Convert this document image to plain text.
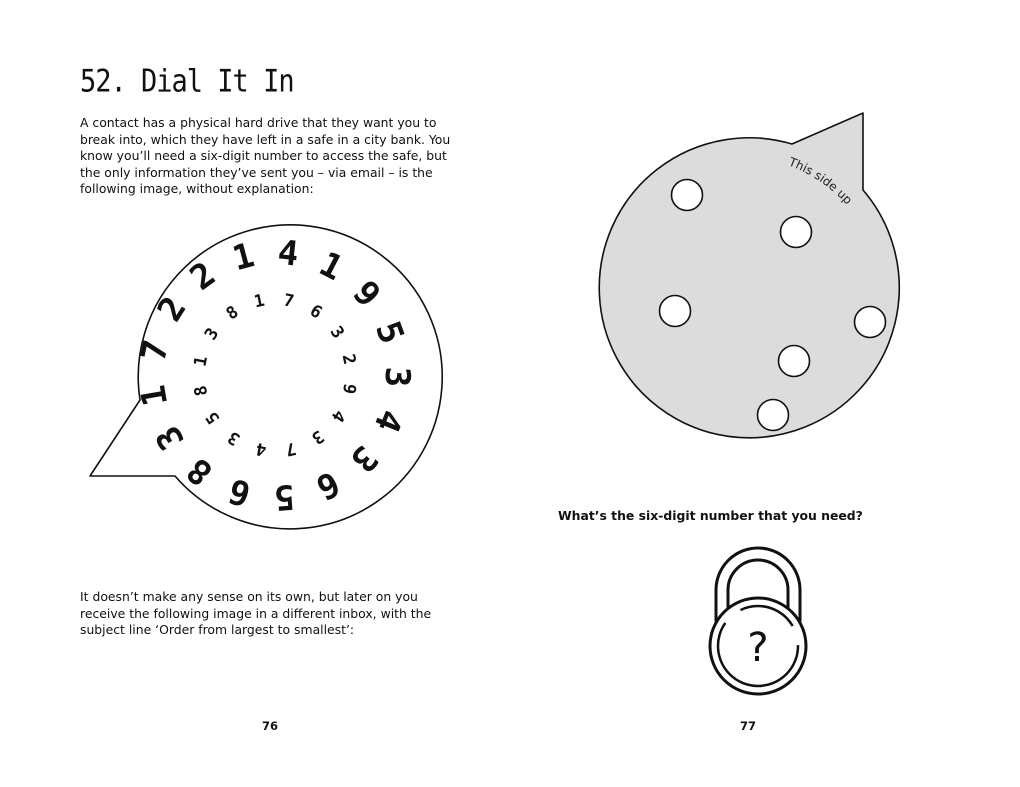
52. Dial It In

A contact has a physical hard drive that they want you to break into, which they have left in a safe in a city bank. You know you’ll need a six-digit number to access the safe, but the only information they’ve sent you – via email – is the following image, without explanation:

1 4 1
9
5
3
4
3
6
5
6
8
3
1
7
2
2
1 7 6
3
2
9
4
3
7
4
3
5
8
1
3
8

It doesn’t make any sense on its own, but later on you receive the following image in a different inbox, with the subject line ‘Order from largest to smallest’:

76
This side up
?

What’s the six-digit number that you need?

77
